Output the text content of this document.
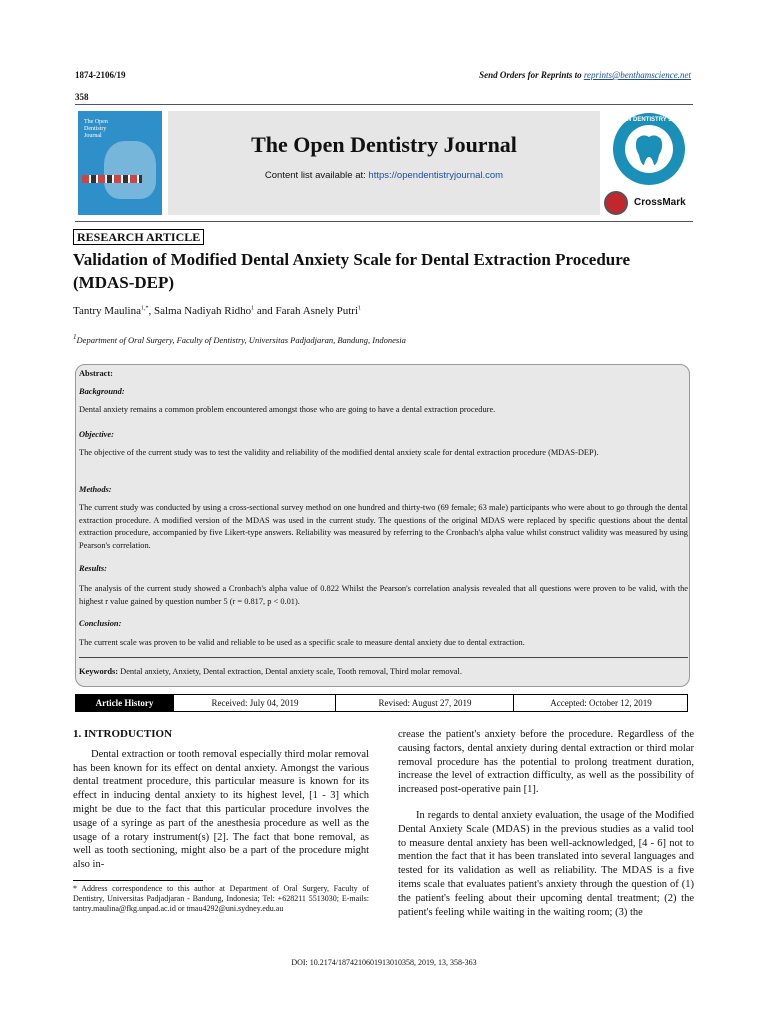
1874-2106/19
358
Send Orders for Reprints to reprints@benthamscience.net
The Open Dentistry Journal	The Open Dentistry Journal
Content list available at: https://opendentistryjournal.com
THE OPEN DENTISTRY JOURNAL
CrossMark
RESEARCH ARTICLE
Validation of Modified Dental Anxiety Scale for Dental Extraction Procedure (MDAS-DEP)
Tantry Maulina$^{1,*}$, Salma Nadiyah Ridho$^1$ and Farah Asnely Putri$^1$
$^1$Department of Oral Surgery, Faculty of Dentistry, Universitas Padjadjaran, Bandung, Indonesia
Abstract:
Background:
Dental anxiety remains a common problem encountered amongst those who are going to have a dental extraction procedure.
Objective:
The objective of the current study was to test the validity and reliability of the modified dental anxiety scale for dental extraction procedure (MDAS-DEP).
Methods:
The current study was conducted by using a cross-sectional survey method on one hundred and thirty-two (69 female; 63 male) participants who were about to go through the dental extraction procedure. A modified version of the MDAS was used in the current study. The questions of the original MDAS were replaced by specific questions about the dental extraction procedure, accompanied by five Likert-type answers. Reliability was measured by referring to the Cronbach's alpha value whilst construct validity was measured by using Pearson's correlation.
Results:
The analysis of the current study showed a Cronbach's alpha value of 0.822 Whilst the Pearson's correlation analysis revealed that all questions were proven to be valid, with the highest r value gained by question number 5 (r = 0.817, p < 0.01).
Conclusion:
The current scale was proven to be valid and reliable to be used as a specific scale to measure dental anxiety due to dental extraction.
Keywords: Dental anxiety, Anxiety, Dental extraction, Dental anxiety scale, Tooth removal, Third molar removal.
Article History	Received: July 04, 2019	Revised: August 27, 2019	Accepted: October 12, 2019
1. INTRODUCTION

Dental extraction or tooth removal especially third molar removal has been known for its effect on dental anxiety. Amongst the various dental treatment procedure, this particular measure is known for its effect in inducing dental anxiety to its highest level, [1 - 3] which might be due to the fact that this particular procedure involves the usage of a syringe as part of the anesthesia procedure as well as the usage of a rotary instrument(s) [2]. The fact that bone removal, as well as tooth sectioning, might also be a part of the procedure might also in-

crease the patient's anxiety before the procedure. Regardless of the causing factors, dental anxiety during dental extraction or third molar removal procedure has the potential to prolong treatment duration, increase the level of extraction difficulty, as well as the possibility of increased post-operative pain [1].

In regards to dental anxiety evaluation, the usage of the Modified Dental Anxiety Scale (MDAS) in the previous studies as a valid tool to measure dental anxiety has been well-acknowledged, [4 - 6] not to mention the fact that it has been translated into several languages and tested for its validation as well as reliability. The MDAS is a five items scale that evaluates patient's anxiety through the question of (1) the patient's feeling about their upcoming dental treatment; (2) the patient's feeling while waiting in the waiting room; (3) the

* Address correspondence to this author at Department of Oral Surgery, Faculty of Dentistry, Universitas Padjadjaran - Bandung, Indonesia; Tel: +628211 5513030; E-mails: tantry.maulina@fkg.unpad.ac.id or tmau4292@uni.sydney.edu.au
DOI: 10.2174/1874210601913010358, 2019, 13, 358-363
